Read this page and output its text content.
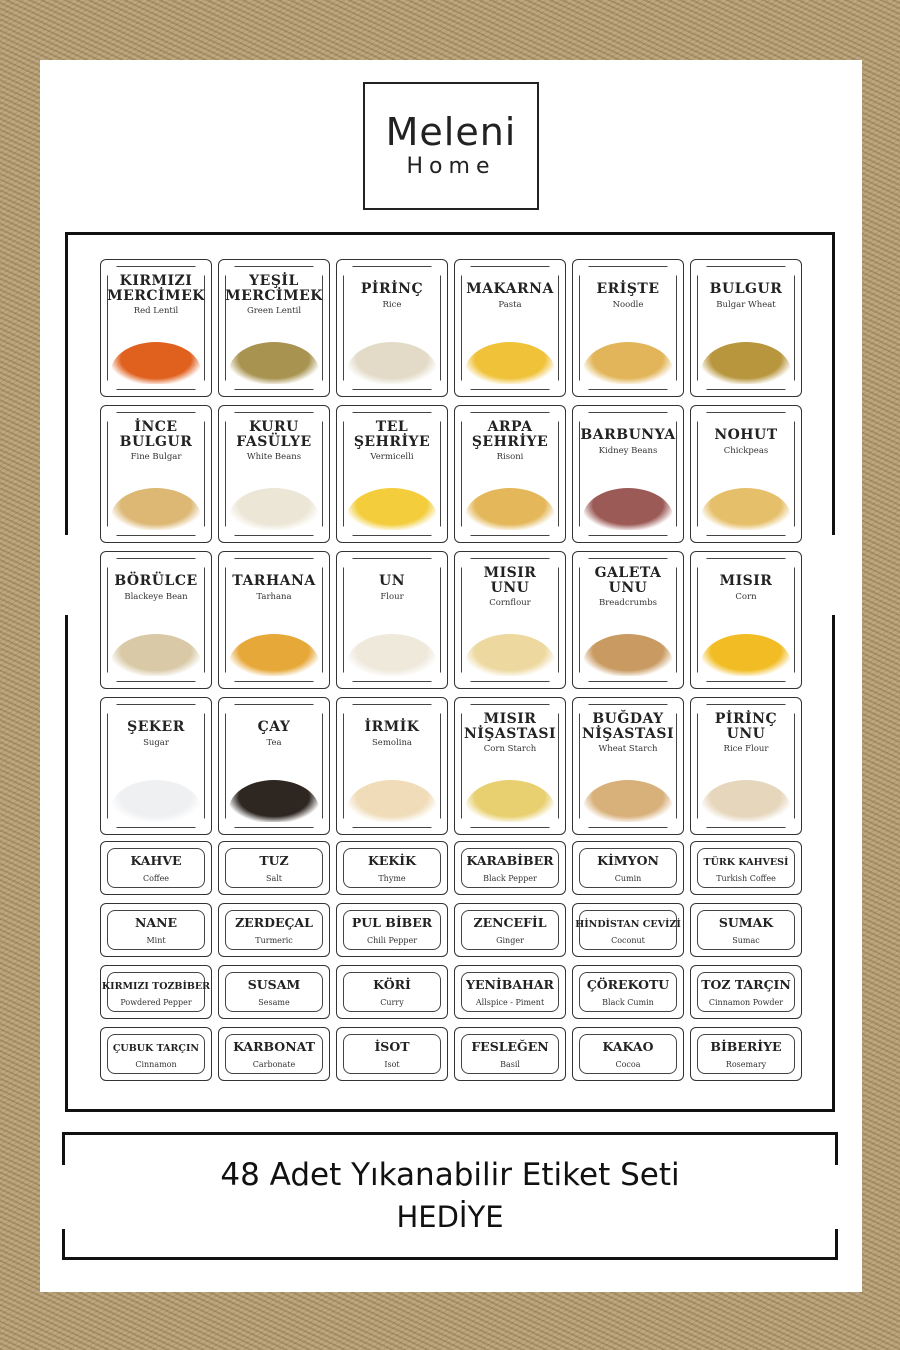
Meleni
Home
KIRMIZI
MERCİMEK
Red Lentil
YEŞİL
MERCİMEK
Green Lentil
PİRİNÇ
Rice
MAKARNA
Pasta
ERİŞTE
Noodle
BULGUR
Bulgar Wheat
İNCE
BULGUR
Fine Bulgar
KURU
FASÜLYE
White Beans
TEL
ŞEHRİYE
Vermicelli
ARPA
ŞEHRİYE
Risoni
BARBUNYA
Kidney Beans
NOHUT
Chickpeas
BÖRÜLCE
Blackeye Bean
TARHANA
Tarhana
UN
Flour
MISIR
UNU
Cornflour
GALETA
UNU
Breadcrumbs
MISIR
Corn
ŞEKER
Sugar
ÇAY
Tea
İRMİK
Semolina
MISIR
NİŞASTASI
Corn Starch
BUĞDAY
NİŞASTASI
Wheat Starch
PİRİNÇ
UNU
Rice Flour
KAHVE
Coffee
TUZ
Salt
KEKİK
Thyme
KARABİBER
Black Pepper
KİMYON
Cumin
TÜRK KAHVESİ
Turkish Coffee
NANE
Mint
ZERDEÇAL
Turmeric
PUL BİBER
Chili Pepper
ZENCEFİL
Ginger
HİNDİSTAN CEVİZİ
Coconut
SUMAK
Sumac
KIRMIZI TOZBİBER
Powdered Pepper
SUSAM
Sesame
KÖRİ
Curry
YENİBAHAR
Allspice - Piment
ÇÖREKOTU
Black Cumin
TOZ TARÇIN
Cinnamon Powder
ÇUBUK TARÇIN
Cinnamon
KARBONAT
Carbonate
İSOT
Isot
FESLEĞEN
Basil
KAKAO
Cocoa
BİBERİYE
Rosemary
48 Adet Yıkanabilir Etiket Seti
HEDİYE
